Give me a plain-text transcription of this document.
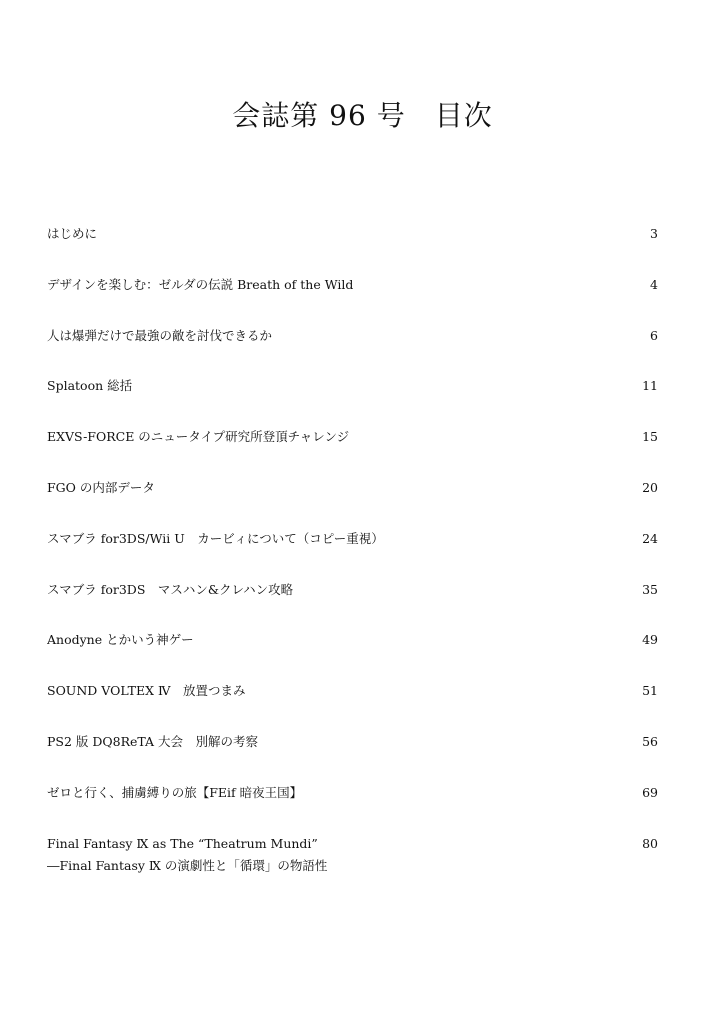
会誌第 96 号　目次
はじめに	3
デザインを楽しむ：ゼルダの伝説 Breath of the Wild	4
人は爆弾だけで最強の敵を討伐できるか	6
Splatoon 総括	11
EXVS-FORCE のニュータイプ研究所登頂チャレンジ	15
FGO の内部データ	20
スマブラ for3DS/Wii U　カービィについて（コピー重視）	24
スマブラ for3DS　マスハン&クレハン攻略	35
Anodyne とかいう神ゲー	49
SOUND VOLTEX Ⅳ　放置つまみ	51
PS2 版 DQ8ReTA 大会　別解の考察	56
ゼロと行く、捕虜縛りの旅【FEif 暗夜王国】	69
Final Fantasy Ⅸ as The “Theatrum Mundi”
―Final Fantasy Ⅸ の演劇性と「循環」の物語性
80
